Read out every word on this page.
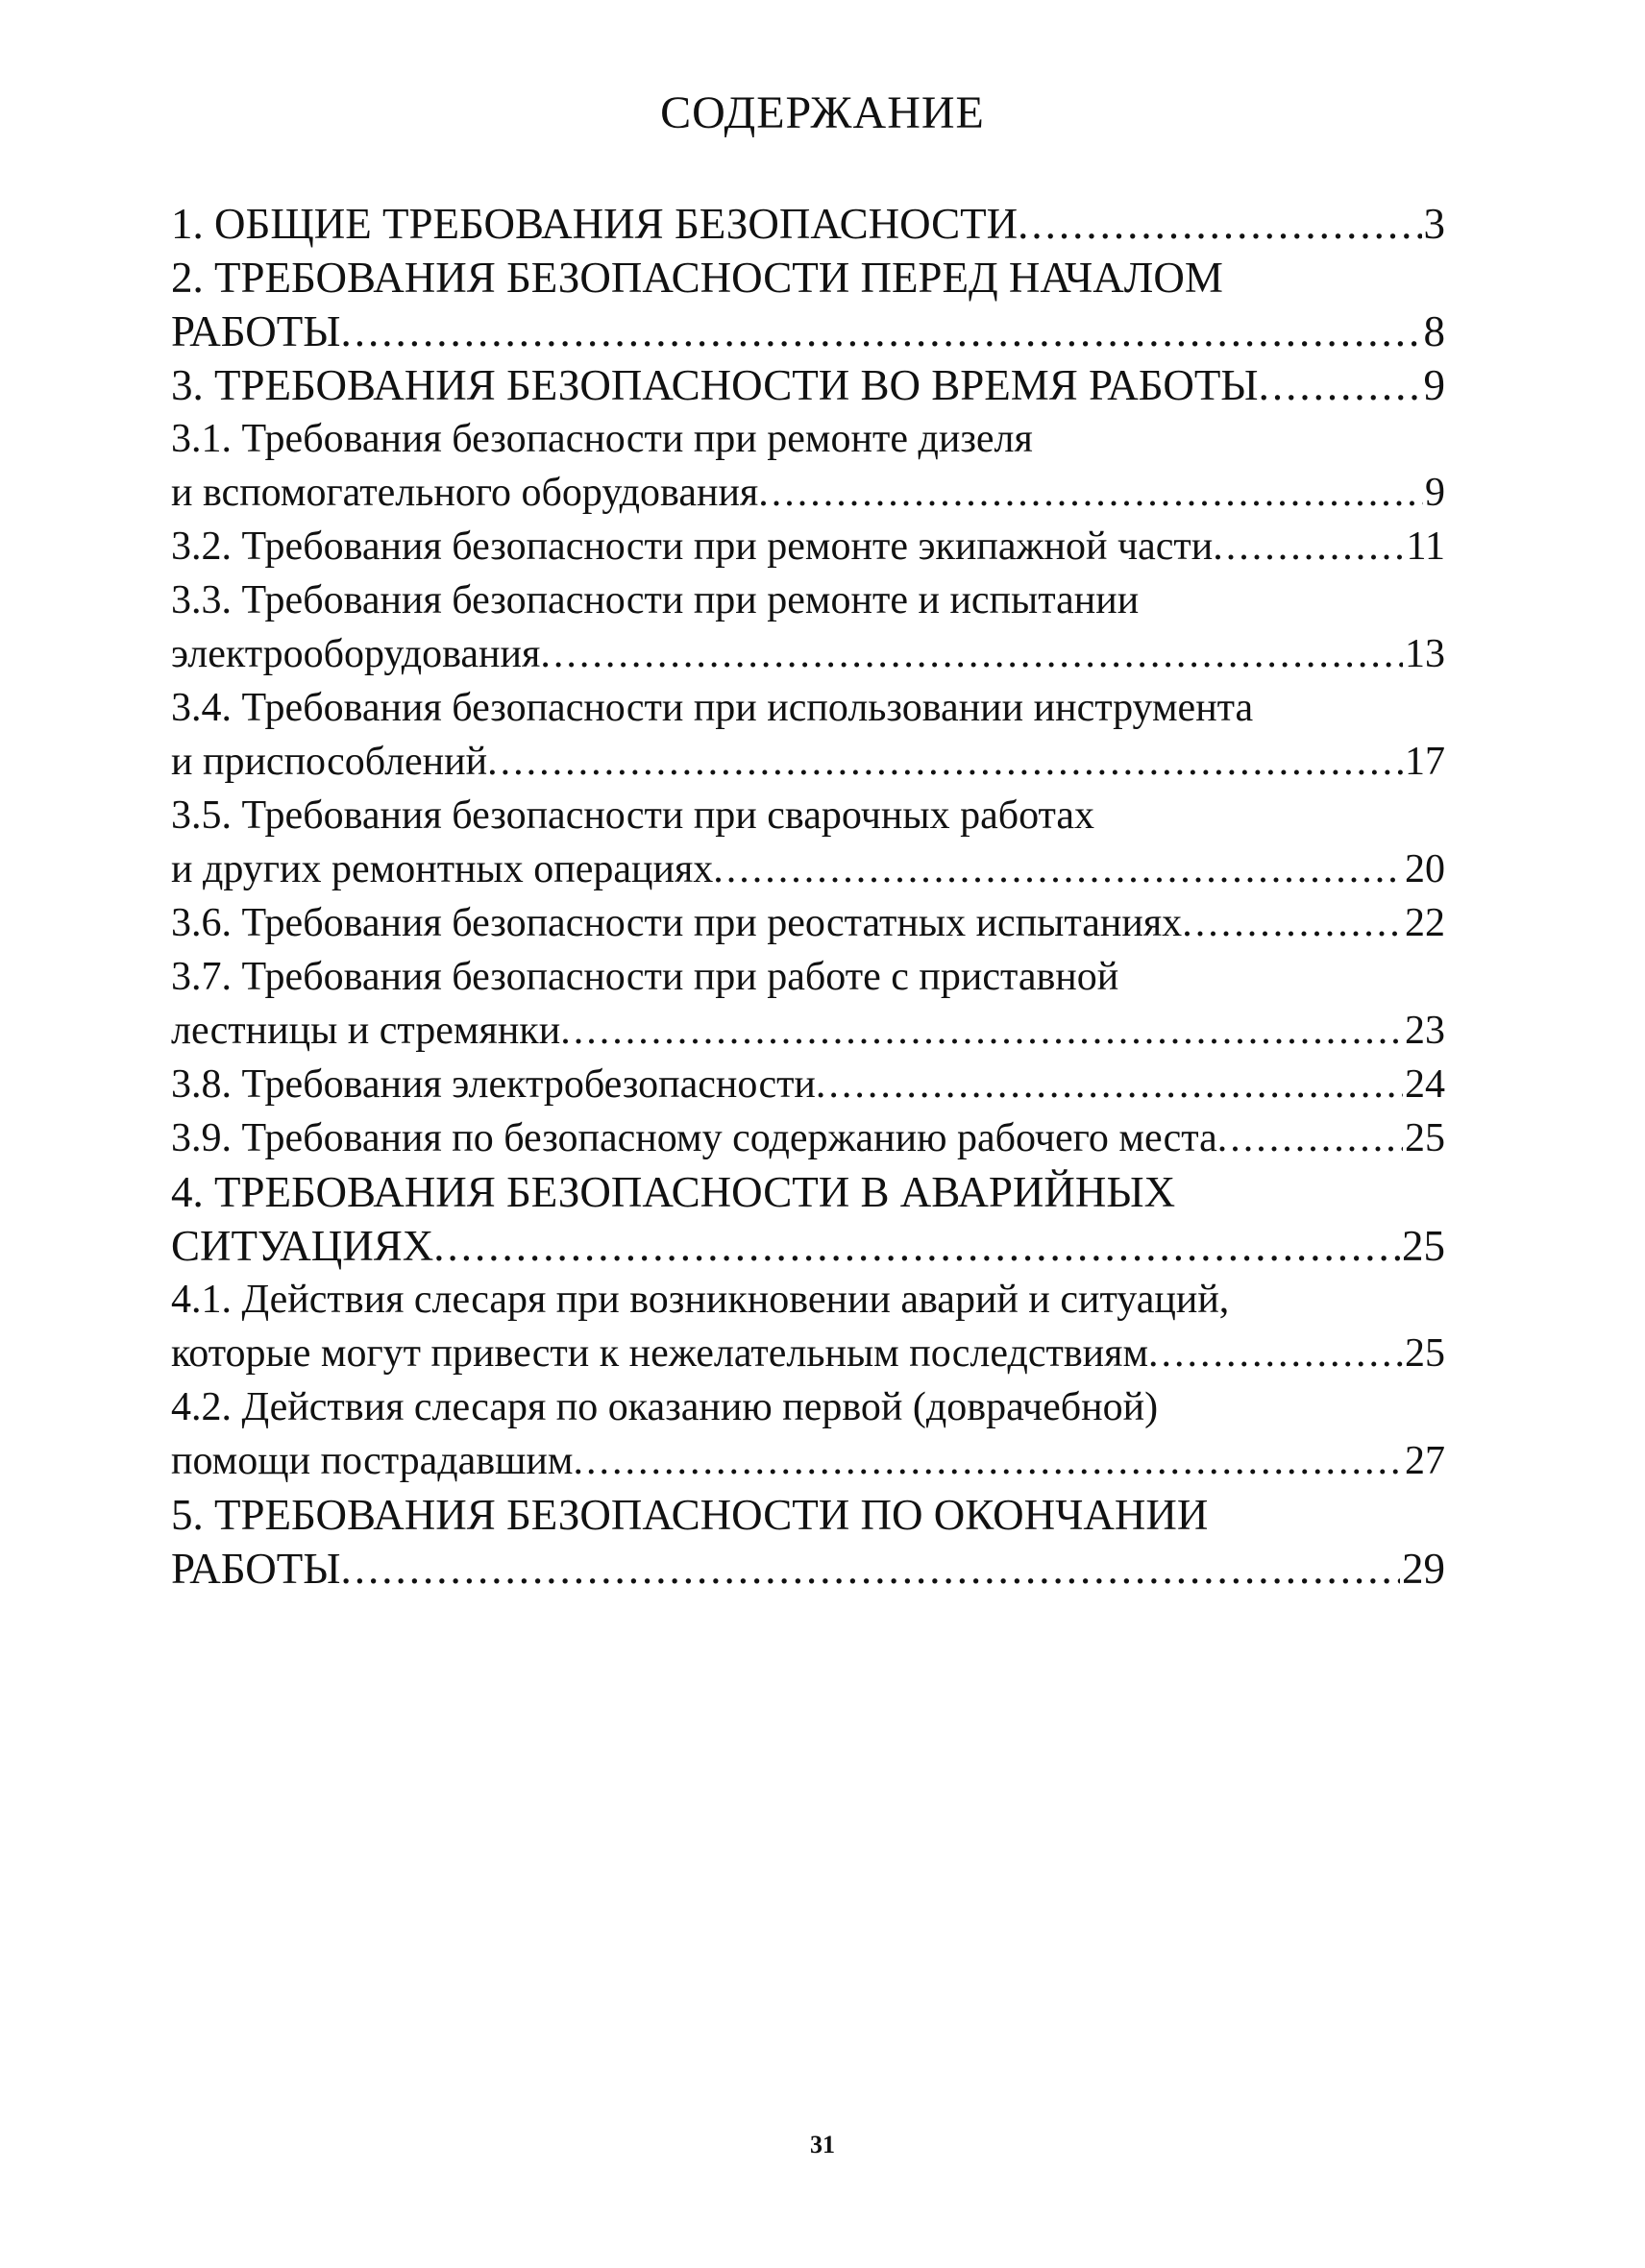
СОДЕРЖАНИЕ
1. ОБЩИЕ ТРЕБОВАНИЯ БЕЗОПАСНОСТИ .....	3
2. ТРЕБОВАНИЯ БЕЗОПАСНОСТИ ПЕРЕД НАЧАЛОМ
РАБОТЫ .....	8
3. ТРЕБОВАНИЯ БЕЗОПАСНОСТИ ВО ВРЕМЯ РАБОТЫ .....	9
3.1. Требования безопасности при ремонте дизеля
и вспомогательного оборудования .....	9
3.2. Требования безопасности при ремонте экипажной части .....	11
3.3. Требования безопасности при ремонте и испытании
электрооборудования .....	13
3.4. Требования безопасности при использовании инструмента
и приспособлений .....	17
3.5. Требования безопасности при сварочных работах
и других ремонтных операциях .....	20
3.6. Требования безопасности при реостатных испытаниях .....	22
3.7. Требования безопасности при работе с приставной
лестницы и стремянки .....	23
3.8. Требования электробезопасности .....	24
3.9. Требования по безопасному содержанию рабочего места .....	25
4. ТРЕБОВАНИЯ БЕЗОПАСНОСТИ В АВАРИЙНЫХ
СИТУАЦИЯХ .....	25
4.1. Действия слесаря при возникновении аварий и ситуаций,
которые могут привести к нежелательным последствиям .....	25
4.2. Действия слесаря по оказанию первой (доврачебной)
помощи пострадавшим .....	27
5. ТРЕБОВАНИЯ БЕЗОПАСНОСТИ ПО ОКОНЧАНИИ
РАБОТЫ .....	29
31
